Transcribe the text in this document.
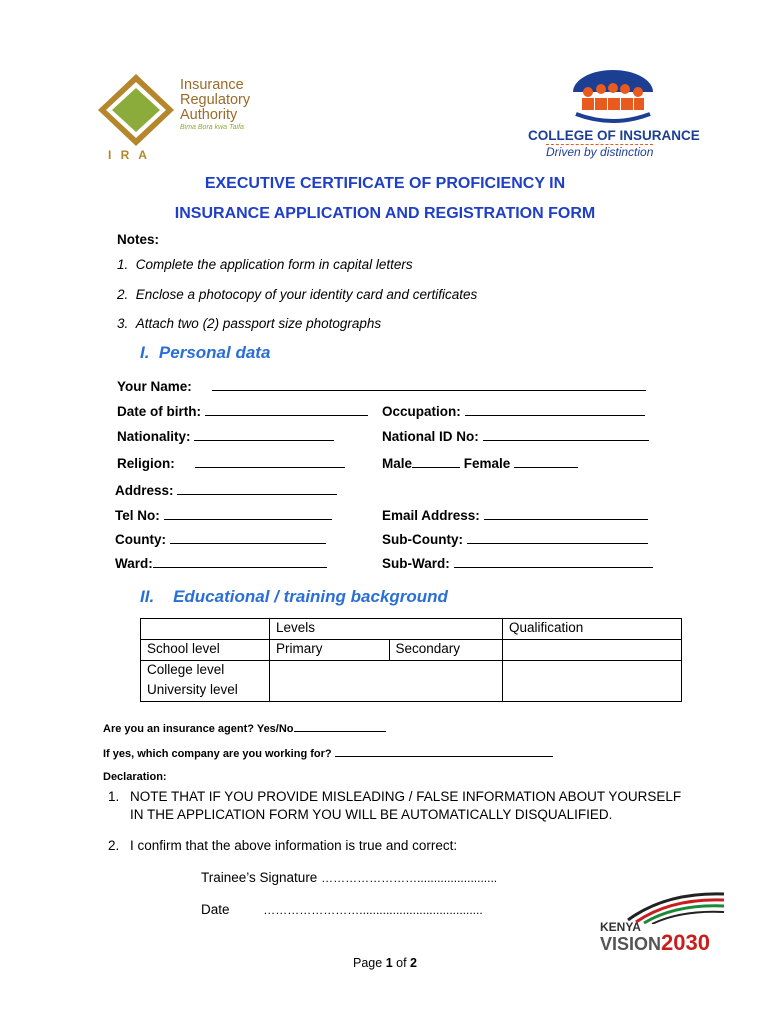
Insurance
Regulatory
Authority
Bima Bora kwa Taifa
I R A
COLLEGE OF INSURANCE
Driven by distinction
EXECUTIVE CERTIFICATE OF PROFICIENCY IN
INSURANCE APPLICATION AND REGISTRATION FORM
Notes:
1. Complete the application form in capital letters
2. Enclose a photocopy of your identity card and certificates
3. Attach two (2) passport size photographs
I. Personal data
Your Name:
Date of birth:	Occupation:
Nationality:	National ID No:
Religion:	Male	Female
Address:
Tel No:	Email Address:
County:	Sub-County:
Ward:	Sub-Ward:
II. Educational / training background
	Levels		Qualification
School level	Primary	Secondary	
College level			
University level			
Are you an insurance agent? Yes/No
If yes, which company are you working for?
Declaration:
1. NOTE THAT IF YOU PROVIDE MISLEADING / FALSE INFORMATION ABOUT YOURSELF
IN THE APPLICATION FORM YOU WILL BE AUTOMATICALLY DISQUALIFIED.
2. I confirm that the above information is true and correct:
Trainee’s Signature ……………………........................
Date	…………………….....................................
KENYA
VISION2030
Page 1 of 2
